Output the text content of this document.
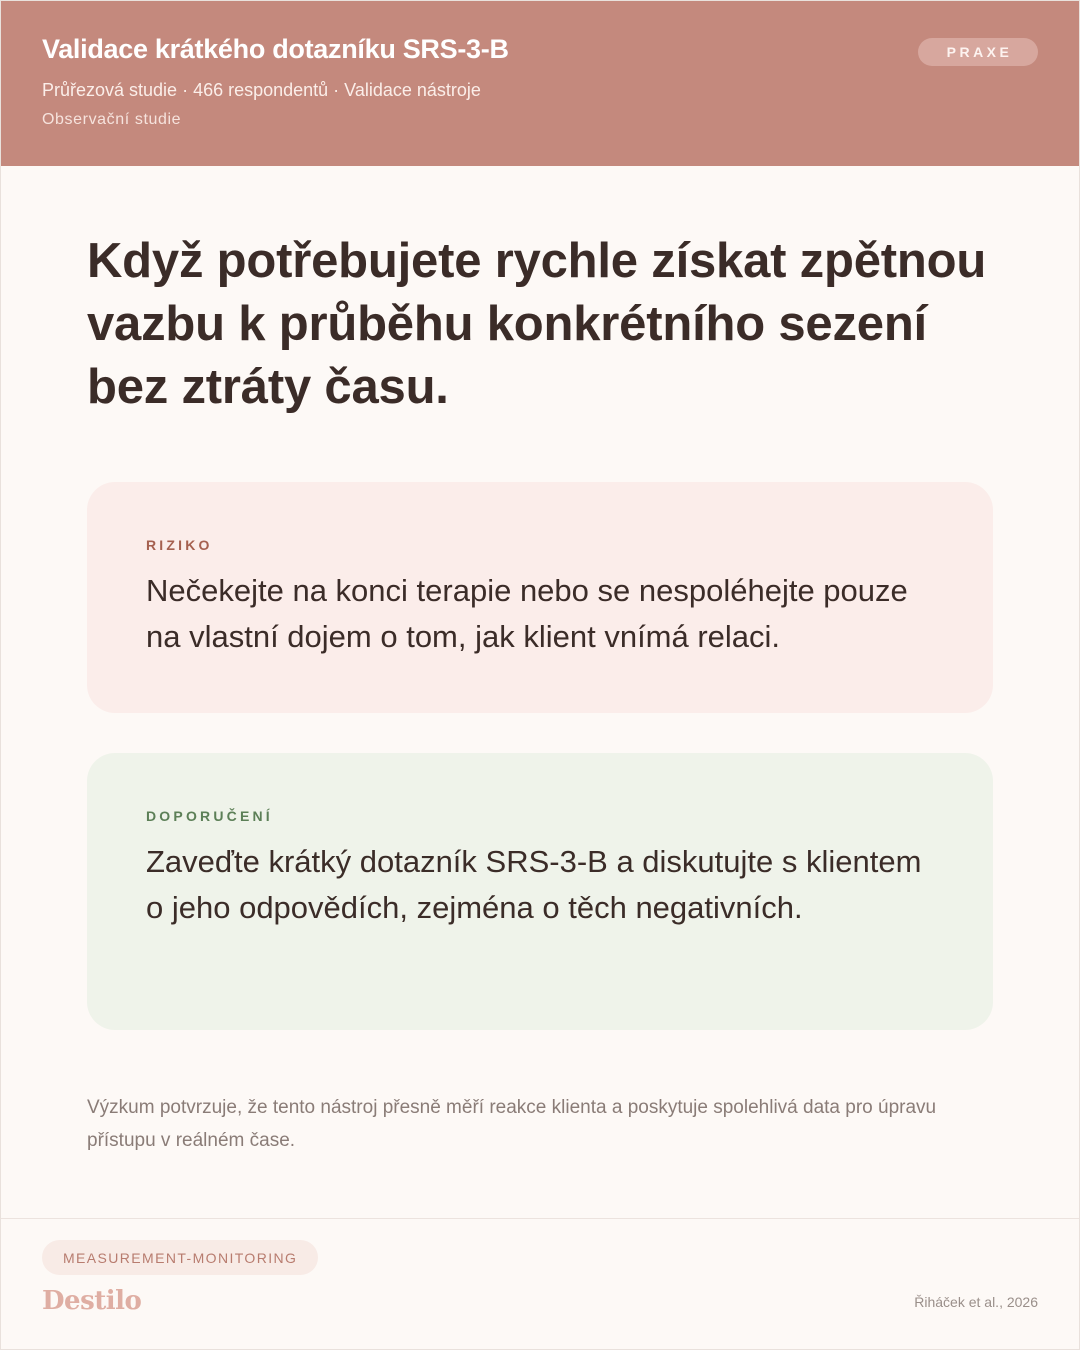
Validace krátkého dotazníku SRS-3-B
Průřezová studie · 466 respondentů · Validace nástroje
Observační studie
PRAXE
Když potřebujete rychle získat zpětnou vazbu k průběhu konkrétního sezení bez ztráty času.
RIZIKO
Nečekejte na konci terapie nebo se nespoléhejte pouze na vlastní dojem o tom, jak klient vnímá relaci.
DOPORUČENÍ
Zaveďte krátký dotazník SRS-3-B a diskutujte s klientem o jeho odpovědích, zejména o těch negativních.
Výzkum potvrzuje, že tento nástroj přesně měří reakce klienta a poskytuje spolehlivá data pro úpravu přístupu v reálném čase.
MEASUREMENT-MONITORING
Destilo	Řiháček et al., 2026
